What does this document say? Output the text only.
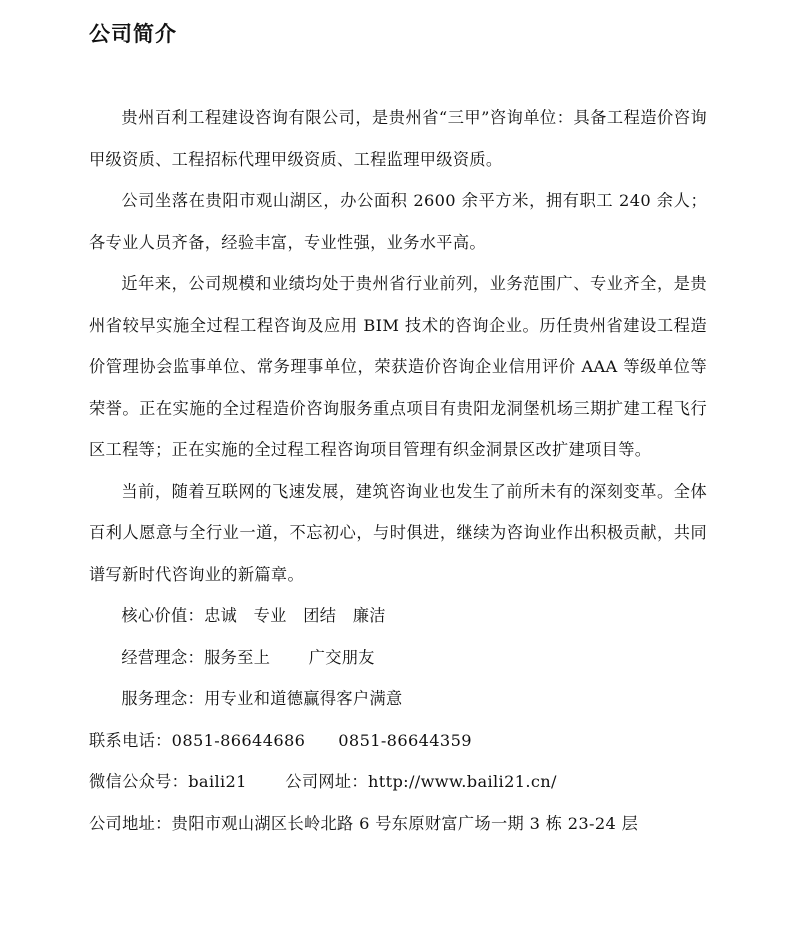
公司简介

贵州百利工程建设咨询有限公司，是贵州省“三甲”咨询单位：具备工程造价咨询甲级资质、工程招标代理甲级资质、工程监理甲级资质。

公司坐落在贵阳市观山湖区，办公面积 2600 余平方米，拥有职工 240 余人；各专业人员齐备，经验丰富，专业性强，业务水平高。

近年来，公司规模和业绩均处于贵州省行业前列，业务范围广、专业齐全，是贵州省较早实施全过程工程咨询及应用 BIM 技术的咨询企业。历任贵州省建设工程造价管理协会监事单位、常务理事单位，荣获造价咨询企业信用评价 AAA 等级单位等荣誉。正在实施的全过程造价咨询服务重点项目有贵阳龙洞堡机场三期扩建工程飞行区工程等；正在实施的全过程工程咨询项目管理有织金洞景区改扩建项目等。

当前，随着互联网的飞速发展，建筑咨询业也发生了前所未有的深刻变革。全体百利人愿意与全行业一道，不忘初心，与时俱进，继续为咨询业作出积极贡献，共同谱写新时代咨询业的新篇章。

核心价值：忠诚   专业   团结   廉洁

经营理念：服务至上       广交朋友

服务理念：用专业和道德赢得客户满意

联系电话：0851-86644686      0851-86644359

微信公众号：baili21       公司网址：http://www.baili21.cn/

公司地址：贵阳市观山湖区长岭北路 6 号东原财富广场一期 3 栋 23-24 层
